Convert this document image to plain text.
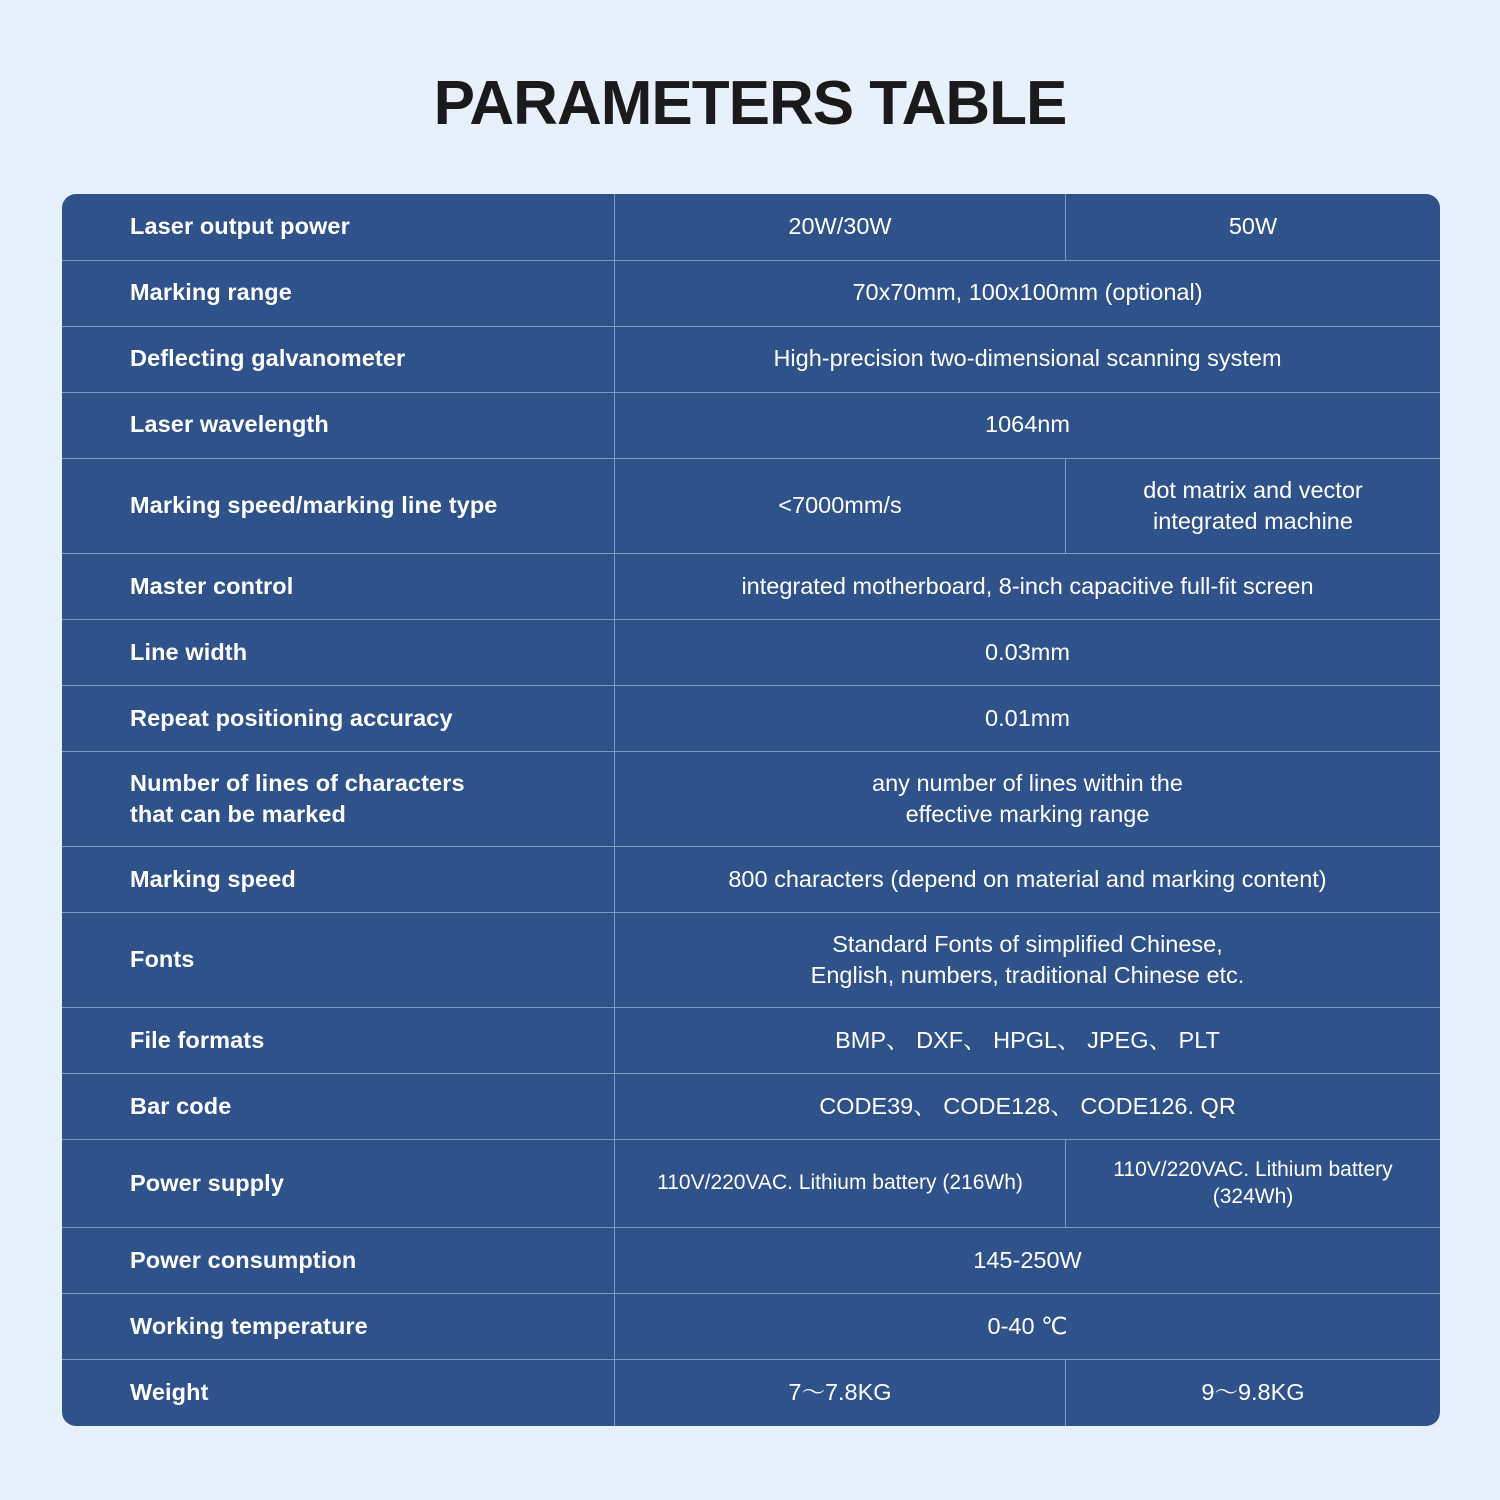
PARAMETERS TABLE
Laser output power	20W/30W	50W
Marking range	70x70mm, 100x100mm (optional)	
Deflecting galvanometer	High-precision two-dimensional scanning system	
Laser wavelength	1064nm	
Marking speed/marking line type	<7000mm/s	dot matrix and vector
integrated machine
Master control	integrated motherboard, 8-inch capacitive full-fit screen	
Line width	0.03mm	
Repeat positioning accuracy	0.01mm	
Number of lines of characters
that can be marked	any number of lines within the
effective marking range	
Marking speed	800 characters (depend on material and marking content)	
Fonts	Standard Fonts of simplified Chinese,
English, numbers, traditional Chinese etc.	
File formats	BMP、 DXF、 HPGL、 JPEG、 PLT	
Bar code	CODE39、 CODE128、 CODE126. QR	
Power supply	110V/220VAC. Lithium battery (216Wh)	110V/220VAC. Lithium battery (324Wh)
Power consumption	145-250W	
Working temperature	0-40 ℃	
Weight	7～7.8KG	9～9.8KG
